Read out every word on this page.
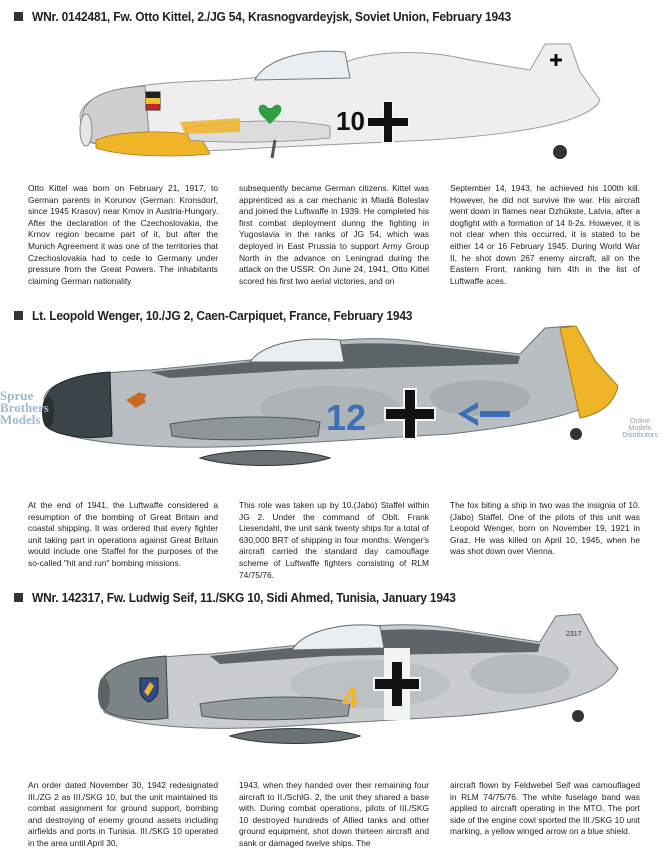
WNr. 0142481, Fw. Otto Kittel, 2./JG 54, Krasnogvardeyjsk, Soviet Union, February 1943
10
Otto Kittel was born on February 21, 1917, to German parents in Korunov (German: Kronsdorf, since 1945 Krasov) near Krnov in Austria-Hungary. After the declaration of the Czechoslovakia, the Krnov region became part of it, but after the Munich Agreement it was one of the territories that Czechoslovakia had to cede to Germany under pressure from the Great Powers. The inhabitants claiming German nationality
subsequently became German citizens. Kittel was apprenticed as a car mechanic in Mladá Boleslav and joined the Luftwaffe in 1939. He completed his first combat deployment during the fighting in Yugoslavia in the ranks of JG 54, which was deployed in East Prussia to support Army Group North in the advance on Leningrad during the attack on the USSR. On June 24, 1941, Otto Kittel scored his first two aerial victories, and on
September 14, 1943, he achieved his 100th kill. However, he did not survive the war. His aircraft went down in flames near Dzhūkste, Latvia, after a dogfight with a formation of 14 Il-2s. However, it is not clear when this occurred, it is stated to be either 14 or 16 February 1945. During World War II, he shot down 267 enemy aircraft, all on the Eastern Front, ranking him 4th in the list of Luftwaffe aces.
Lt. Leopold Wenger, 10./JG 2, Caen-Carpiquet, France, February 1943
12
Sprue
Brothers
Models	Online
Models
Distributors
At the end of 1941, the Luftwaffe considered a resumption of the bombing of Great Britain and coastal shipping. It was ordered that every fighter unit taking part in operations against Great Britain would include one Staffel for the purposes of the so-called "hit and run" bombing missions.
This role was taken up by 10.(Jabo) Staffel within JG 2. Under the command of Oblt. Frank Liesendahl, the unit sank twenty ships for a total of 630,000 BRT of shipping in four months. Wenger's aircraft carried the standard day camouflage scheme of Luftwaffe fighters consisting of RLM 74/75/76.
The fox biting a ship in two was the insignia of 10.(Jabo) Staffel. One of the pilots of this unit was Leopold Wenger, born on November 19, 1921 in Graz. He was killed on April 10, 1945, when he was shot down over Vienna.
WNr. 142317, Fw. Ludwig Seif, 11./SKG 10, Sidi Ahmed, Tunisia, January 1943
4
2317
An order dated November 30, 1942 redesignated III./ZG 2 as III./SKG 10, but the unit maintained its combat assignment for ground support, bombing and destroying of enemy ground assets including airfields and ports in Tunisia. III./SKG 10 operated in the area until April 30,
1943, when they handed over their remaining four aircraft to II./SchlG. 2, the unit they shared a base with. During combat operations, pilots of III./SKG 10 destroyed hundreds of Allied tanks and other ground equipment, shot down thirteen aircraft and sank or damaged twelve ships. The
aircraft flown by Feldwebel Seif was camouflaged in RLM 74/75/76. The white fuselage band was applied to aircraft operating in the MTO. The port side of the engine cowl sported the III./SKG 10 unit marking, a yellow winged arrow on a blue shield.
